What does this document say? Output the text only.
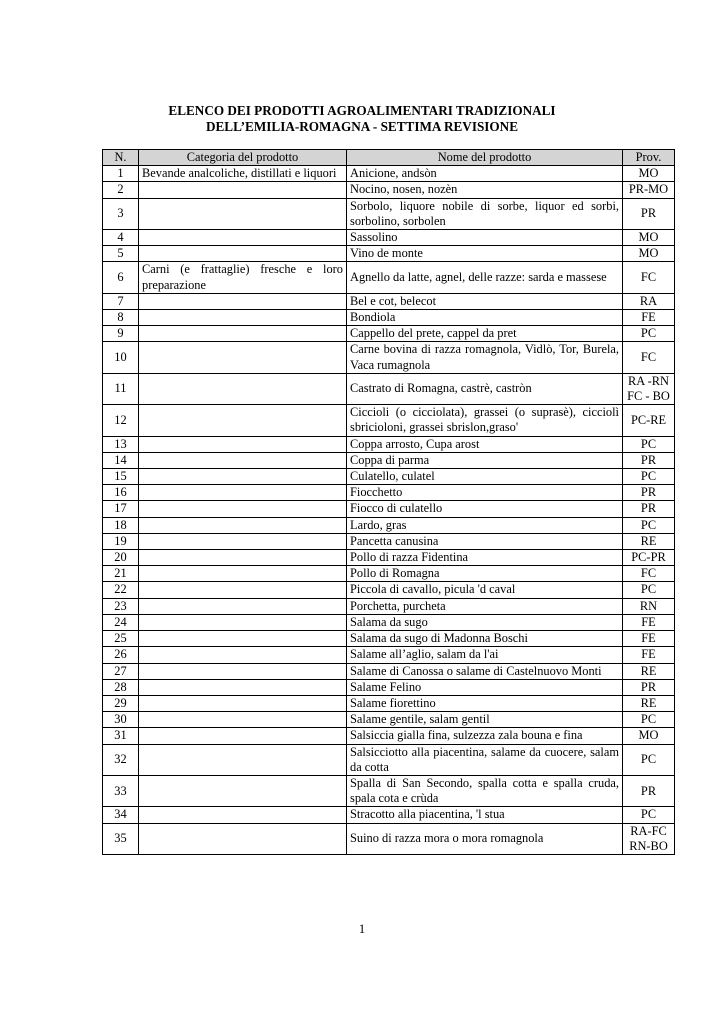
ELENCO DEI PRODOTTI AGROALIMENTARI TRADIZIONALI
DELL’EMILIA-ROMAGNA - SETTIMA REVISIONE
N.	Categoria del prodotto	Nome del prodotto	Prov.
1	Bevande analcoliche, distillati e liquori	Anicione, andsòn	MO
2		Nocino, nosen, nozèn	PR-MO
3		Sorbolo, liquore nobile di sorbe, liquor ed sorbi, sorbolino, sorbolen	PR
4		Sassolino	MO
5		Vino de monte	MO
6	Carni (e frattaglie) fresche e loro preparazione	Agnello da latte, agnel, delle razze: sarda e massese	FC
7		Bel e cot, belecot	RA
8		Bondiola	FE
9		Cappello del prete, cappel da pret	PC
10		Carne bovina di razza romagnola, Vidlò, Tor, Burela, Vaca rumagnola	FC
11		Castrato di Romagna, castrè, castròn	RA -RN FC - BO
12		Ciccioli (o cicciolata), grassei (o suprasè), cicciolì sbricioloni, grassei sbrislon,graso'	PC-RE
13		Coppa arrosto, Cupa arost	PC
14		Coppa di parma	PR
15		Culatello, culatel	PC
16		Fiocchetto	PR
17		Fiocco di culatello	PR
18		Lardo, gras	PC
19		Pancetta canusina	RE
20		Pollo di razza Fidentina	PC-PR
21		Pollo di Romagna	FC
22		Piccola di cavallo, picula 'd caval	PC
23		Porchetta, purcheta	RN
24		Salama da sugo	FE
25		Salama da sugo di Madonna Boschi	FE
26		Salame all’aglio, salam da l'ai	FE
27		Salame di Canossa o salame di Castelnuovo Monti	RE
28		Salame Felino	PR
29		Salame fiorettino	RE
30		Salame gentile, salam gentil	PC
31		Salsiccia gialla fina, sulzezza zala bouna e fina	MO
32		Salsicciotto alla piacentina, salame da cuocere, salam da cotta	PC
33		Spalla di San Secondo, spalla cotta e spalla cruda, spala cota e crùda	PR
34		Stracotto alla piacentina, 'l stua	PC
35		Suino di razza mora o mora romagnola	RA-FC RN-BO
1
